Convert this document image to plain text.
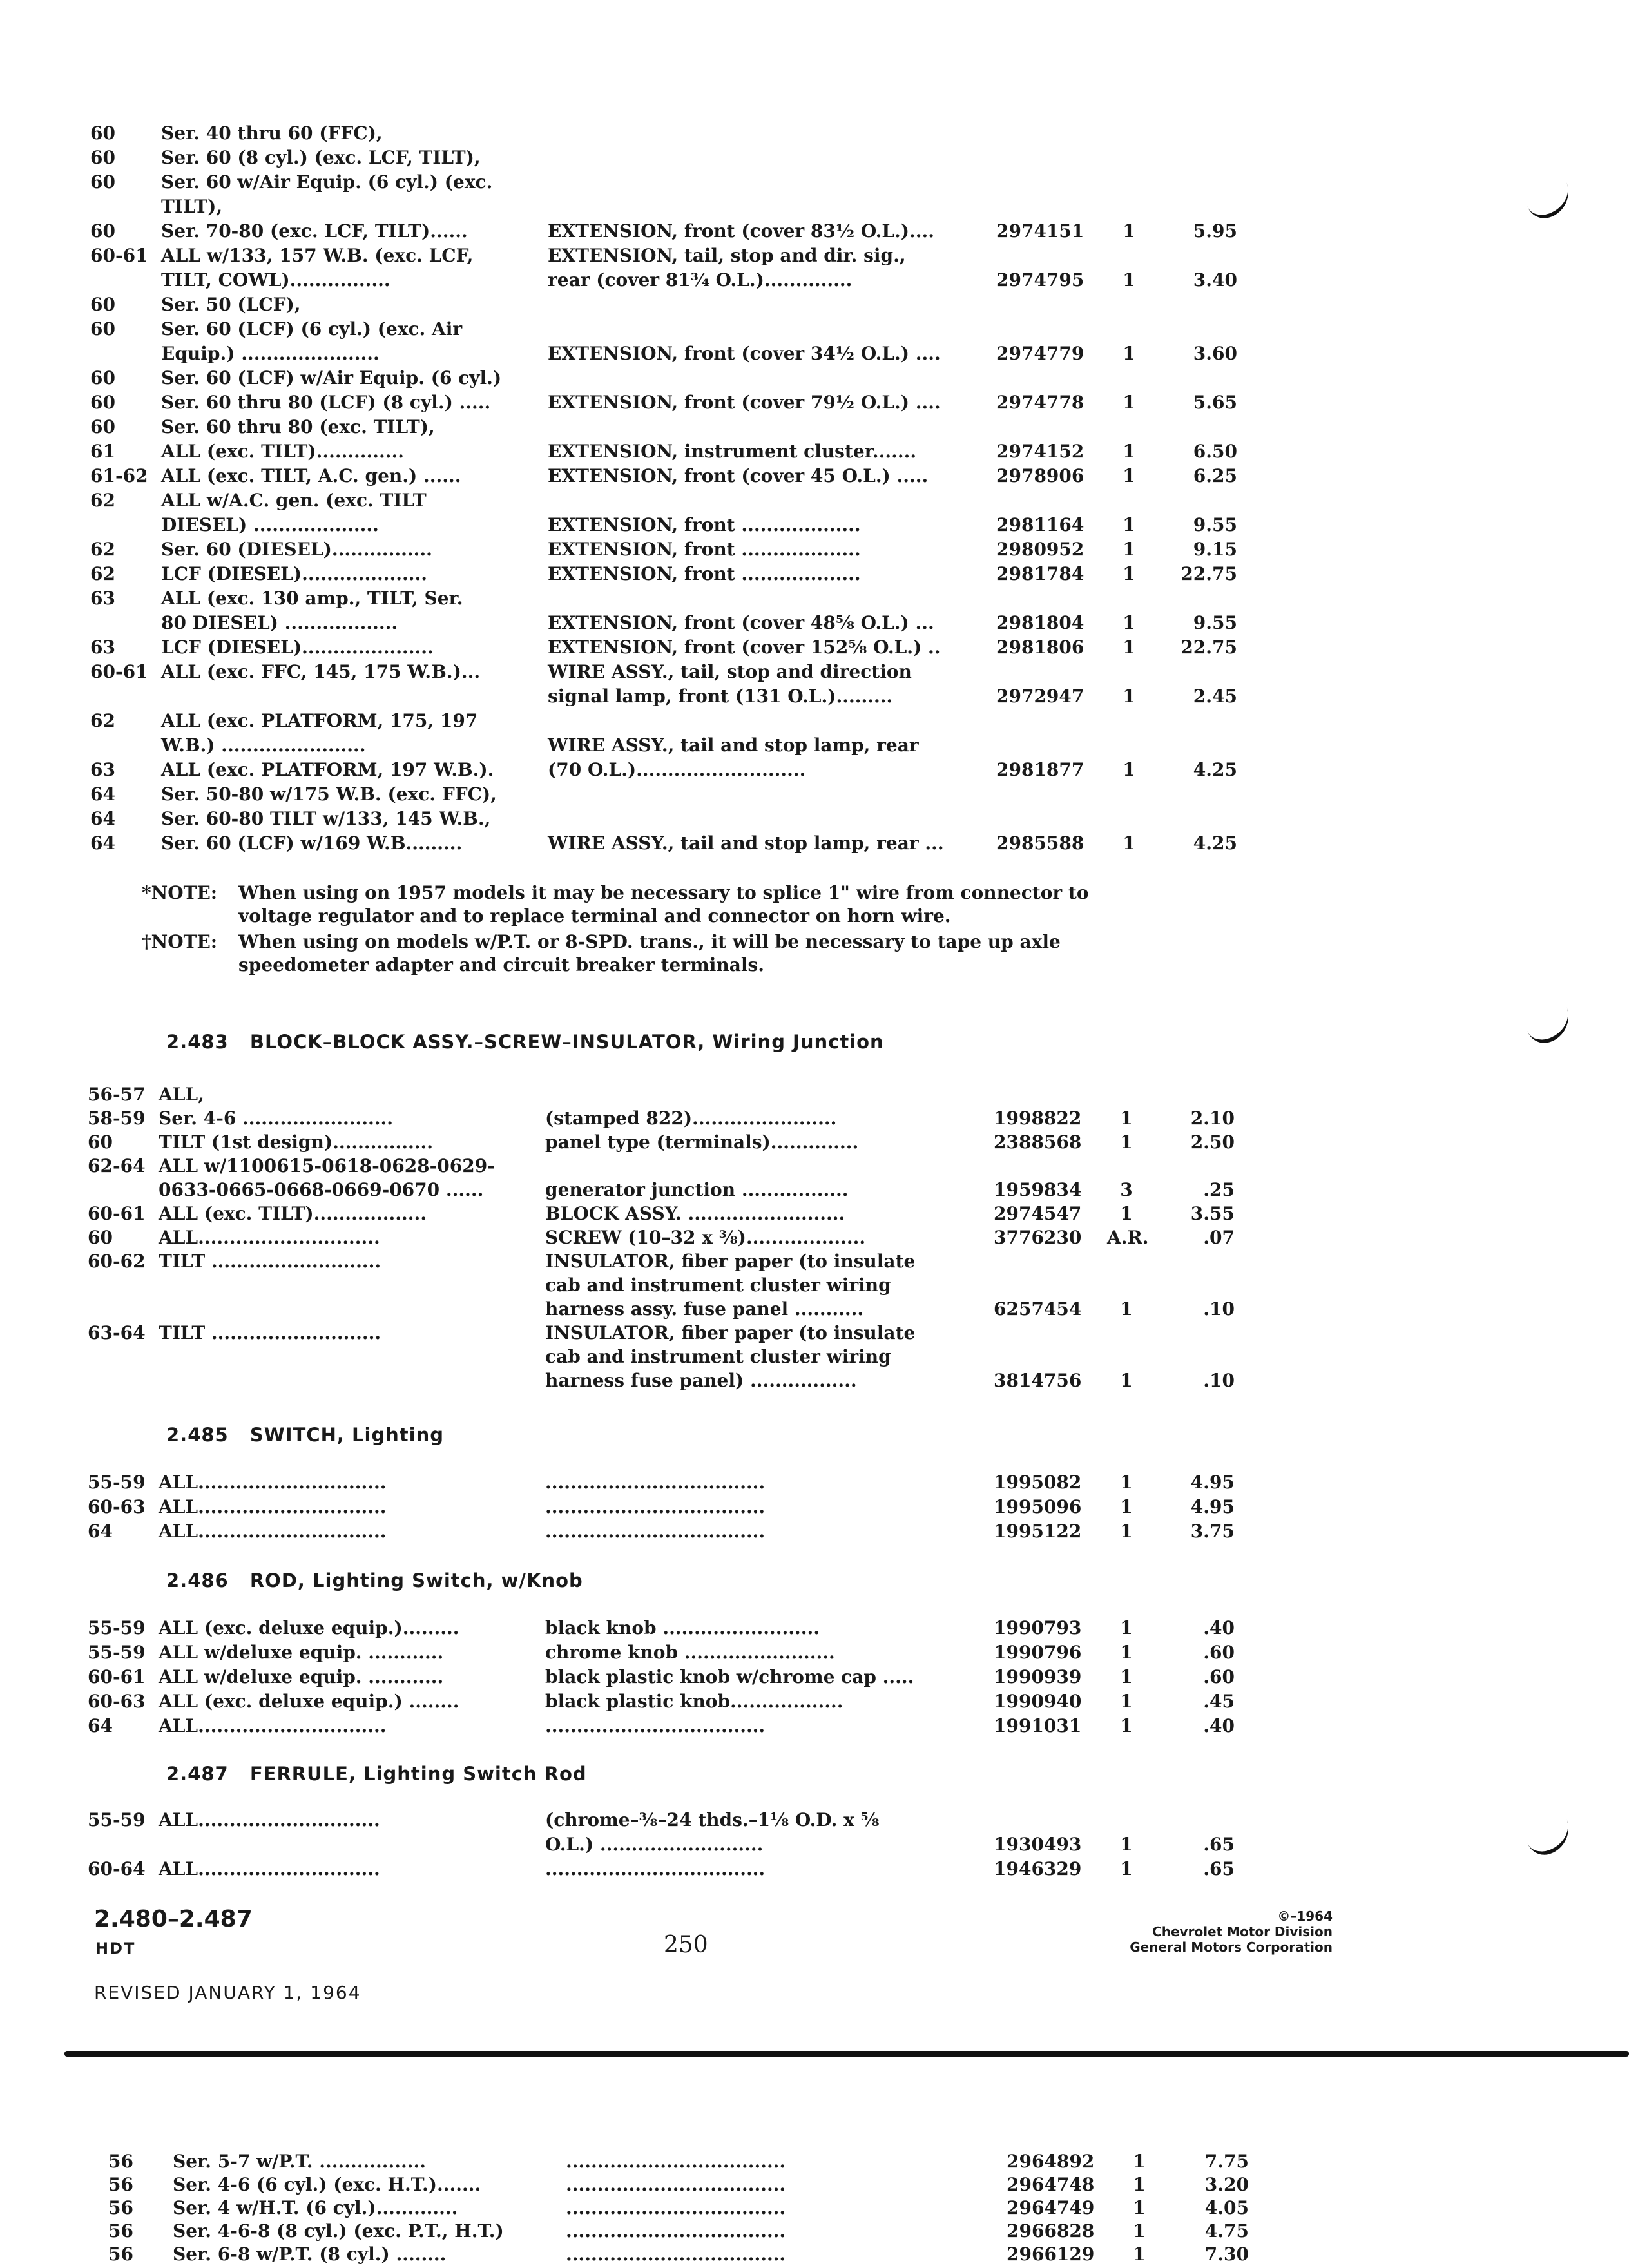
60	Ser. 40 thru 60 (FFC),
60	Ser. 60 (8 cyl.) (exc. LCF, TILT),
60	Ser. 60 w/Air Equip. (6 cyl.) (exc.
TILT),
60	Ser. 70-80 (exc. LCF, TILT)......	EXTENSION, front (cover 83½ O.L.)....	2974151	1	5.95
60-61 ALL w/133, 157 W.B. (exc. LCF,	EXTENSION, tail, stop and dir. sig.,
TILT, COWL)................	rear (cover 81¾ O.L.)..............	2974795	1	3.40
60	Ser. 50 (LCF),
60	Ser. 60 (LCF) (6 cyl.) (exc. Air
Equip.) ......................	EXTENSION, front (cover 34½ O.L.) ....	2974779	1	3.60
60	Ser. 60 (LCF) w/Air Equip. (6 cyl.)
60	Ser. 60 thru 80 (LCF) (8 cyl.) .....	EXTENSION, front (cover 79½ O.L.) ....	2974778	1	5.65
60	Ser. 60 thru 80 (exc. TILT),
61	ALL (exc. TILT)..............	EXTENSION, instrument cluster.......	2974152	1	6.50
61-62 ALL (exc. TILT, A.C. gen.) ......	EXTENSION, front (cover 45 O.L.) .....	2978906	1	6.25
62	ALL w/A.C. gen. (exc. TILT
DIESEL) ....................	EXTENSION, front ...................	2981164	1	9.55
62	Ser. 60 (DIESEL)................	EXTENSION, front ...................	2980952	1	9.15
62	LCF (DIESEL)....................	EXTENSION, front ...................	2981784	1	22.75
63	ALL (exc. 130 amp., TILT, Ser.
80 DIESEL) ..................	EXTENSION, front (cover 48⅝ O.L.) ...	2981804	1	9.55
63	LCF (DIESEL).....................	EXTENSION, front (cover 152⅝ O.L.) ..	2981806	1	22.75
60-61 ALL (exc. FFC, 145, 175 W.B.)...	WIRE ASSY., tail, stop and direction
signal lamp, front (131 O.L.).........	2972947	1	2.45
62	ALL (exc. PLATFORM, 175, 197
W.B.) .......................	WIRE ASSY., tail and stop lamp, rear
63	ALL (exc. PLATFORM, 197 W.B.).	(70 O.L.)...........................	2981877	1	4.25
64	Ser. 50-80 w/175 W.B. (exc. FFC),
64	Ser. 60-80 TILT w/133, 145 W.B.,
64	Ser. 60 (LCF) w/169 W.B.........	WIRE ASSY., tail and stop lamp, rear ...	2985588	1	4.25
*NOTE: When using on 1957 models it may be necessary to splice 1" wire from connector to voltage regulator and to replace terminal and connector on horn wire.
†NOTE: When using on models w/P.T. or 8-SPD. trans., it will be necessary to tape up axle speedometer adapter and circuit breaker terminals.
2.483 BLOCK–BLOCK ASSY.–SCREW–INSULATOR, Wiring Junction
56-57 ALL,
58-59 Ser. 4-6 ........................	(stamped 822).......................	1998822	1	2.10
60	TILT (1st design)................	panel type (terminals)..............	2388568	1	2.50
62-64 ALL w/1100615-0618-0628-0629-
0633-0665-0668-0669-0670 ......	generator junction .................	1959834	3	.25
60-61 ALL (exc. TILT)..................	BLOCK ASSY. .........................	2974547	1	3.55
60	ALL.............................	SCREW (10–32 x ⅜)...................	3776230 A.R.	.07
60-62 TILT ...........................	INSULATOR, fiber paper (to insulate
cab and instrument cluster wiring
harness assy. fuse panel ...........	6257454	1	.10
63-64 TILT ...........................	INSULATOR, fiber paper (to insulate
cab and instrument cluster wiring
harness fuse panel) .................	3814756	1	.10
2.485 SWITCH, Lighting
55-59 ALL..............................	...................................	1995082	1	4.95
60-63 ALL..............................	...................................	1995096	1	4.95
64	ALL..............................	...................................	1995122	1	3.75
2.486 ROD, Lighting Switch, w/Knob
55-59 ALL (exc. deluxe equip.).........	black knob .........................	1990793	1	.40
55-59 ALL w/deluxe equip. ............	chrome knob ........................	1990796	1	.60
60-61 ALL w/deluxe equip. ............	black plastic knob w/chrome cap .....	1990939	1	.60
60-63 ALL (exc. deluxe equip.) ........	black plastic knob..................	1990940	1	.45
64	ALL..............................	...................................	1991031	1	.40
2.487 FERRULE, Lighting Switch Rod
55-59 ALL.............................	(chrome–⅜–24 thds.–1⅛ O.D. x ⅝
O.L.) ..........................	1930493	1	.65
60-64 ALL.............................	...................................	1946329	1	.65
2.480–2.487
HDT	250
©–1964
Chevrolet Motor Division
General Motors Corporation
REVISED JANUARY 1, 1964
56 Ser. 5-7 w/P.T. .................	...................................	2964892	1	7.75
56 Ser. 4-6 (6 cyl.) (exc. H.T.).......	...................................	2964748	1	3.20
56 Ser. 4 w/H.T. (6 cyl.).............	...................................	2964749	1	4.05
56 Ser. 4-6-8 (8 cyl.) (exc. P.T., H.T.)	...................................	2966828	1	4.75
56 Ser. 6-8 w/P.T. (8 cyl.) ........	...................................	2966129	1	7.30
